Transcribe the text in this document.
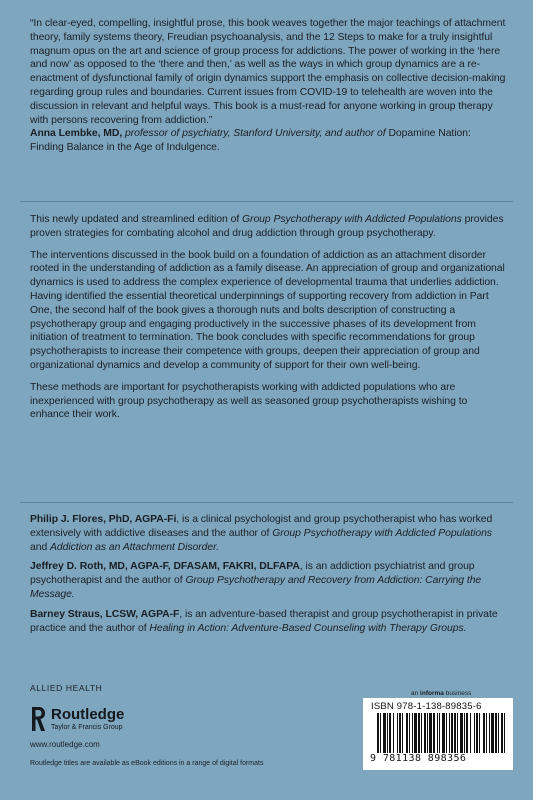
“In clear-eyed, compelling, insightful prose, this book weaves together the major teachings of attachment theory, family systems theory, Freudian psychoanalysis, and the 12 Steps to make for a truly insightful magnum opus on the art and science of group process for addictions. The power of working in the ‘here and now’ as opposed to the ‘there and then,’ as well as the ways in which group dynamics are a re-enactment of dysfunctional family of origin dynamics support the emphasis on collective decision-making regarding group rules and boundaries. Current issues from COVID-19 to telehealth are woven into the discussion in relevant and helpful ways. This book is a must-read for anyone working in group therapy with persons recovering from addiction.”
Anna Lembke, MD, professor of psychiatry, Stanford University, and author of Dopamine Nation: Finding Balance in the Age of Indulgence.

This newly updated and streamlined edition of Group Psychotherapy with Addicted Populations provides proven strategies for combating alcohol and drug addiction through group psychotherapy.

The interventions discussed in the book build on a foundation of addiction as an attachment disorder rooted in the understanding of addiction as a family disease. An appreciation of group and organizational dynamics is used to address the complex experience of developmental trauma that underlies addiction. Having identified the essential theoretical underpinnings of supporting recovery from addiction in Part One, the second half of the book gives a thorough nuts and bolts description of constructing a psychotherapy group and engaging productively in the successive phases of its development from initiation of treatment to termination. The book concludes with specific recommendations for group psychotherapists to increase their competence with groups, deepen their appreciation of group and organizational dynamics and develop a community of support for their own well-being.

These methods are important for psychotherapists working with addicted populations who are inexperienced with group psychotherapy as well as seasoned group psychotherapists wishing to enhance their work.

Philip J. Flores, PhD, AGPA-Fi, is a clinical psychologist and group psychotherapist who has worked extensively with addictive diseases and the author of Group Psychotherapy with Addicted Populations and Addiction as an Attachment Disorder.

Jeffrey D. Roth, MD, AGPA-F, DFASAM, FAKRI, DLFAPA, is an addiction psychiatrist and group psychotherapist and the author of Group Psychotherapy and Recovery from Addiction: Carrying the Message.

Barney Straus, LCSW, AGPA-F, is an adventure-based therapist and group psychotherapist in private practice and the author of Healing in Action: Adventure-Based Counseling with Therapy Groups.

ALLIED HEALTH
Routledge
Taylor & Francis Group
www.routledge.com
Routledge titles are available as eBook editions in a range of digital formats
an informa business
ISBN 978-1-138-89835-6
9 781138 898356
